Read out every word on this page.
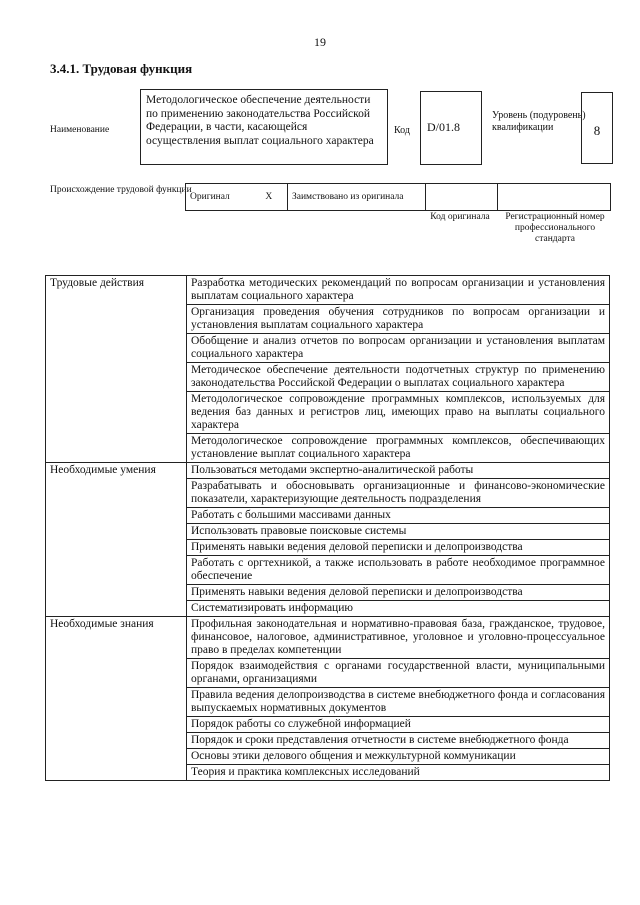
19
3.4.1. Трудовая функция
Наименование
Методологическое обеспечение деятельности по применению законодательства Российской Федерации, в части, касающейся осуществления выплат социального характера
Код	D/01.8
Уровень (подуровень) квалификации	8
Происхождение трудовой функции
Оригинал	X	Заимствовано из оригинала		
Код оригинала	Регистрационный номер профессионального стандарта
Трудовые действия	Разработка методических рекомендаций по вопросам организации и установления выплатам социального характера
	Организация проведения обучения сотрудников по вопросам организации и установления выплатам социального характера
	Обобщение и анализ отчетов по вопросам организации и установления выплатам социального характера
	Методическое обеспечение деятельности подотчетных структур по применению законодательства Российской Федерации о выплатах социального характера
	Методологическое сопровождение программных комплексов, используемых для ведения баз данных и регистров лиц, имеющих право на выплаты социального характера
	Методологическое сопровождение программных комплексов, обеспечивающих установление выплат социального характера
Необходимые умения	Пользоваться методами экспертно-аналитической работы
	Разрабатывать и обосновывать организационные и финансово-экономические показатели, характеризующие деятельность подразделения
	Работать с большими массивами данных
	Использовать правовые поисковые системы
	Применять навыки ведения деловой переписки и делопроизводства
	Работать с оргтехникой, а также использовать в работе необходимое программное обеспечение
	Применять навыки ведения деловой переписки и делопроизводства
	Систематизировать информацию
Необходимые знания	Профильная законодательная и нормативно-правовая база, гражданское, трудовое, финансовое, налоговое, административное, уголовное и уголовно-процессуальное право в пределах компетенции
	Порядок взаимодействия с органами государственной власти, муниципальными органами, организациями
	Правила ведения делопроизводства в системе внебюджетного фонда и согласования выпускаемых нормативных документов
	Порядок работы со служебной информацией
	Порядок и сроки представления отчетности в системе внебюджетного фонда
	Основы этики делового общения и межкультурной коммуникации
	Теория и практика комплексных исследований
